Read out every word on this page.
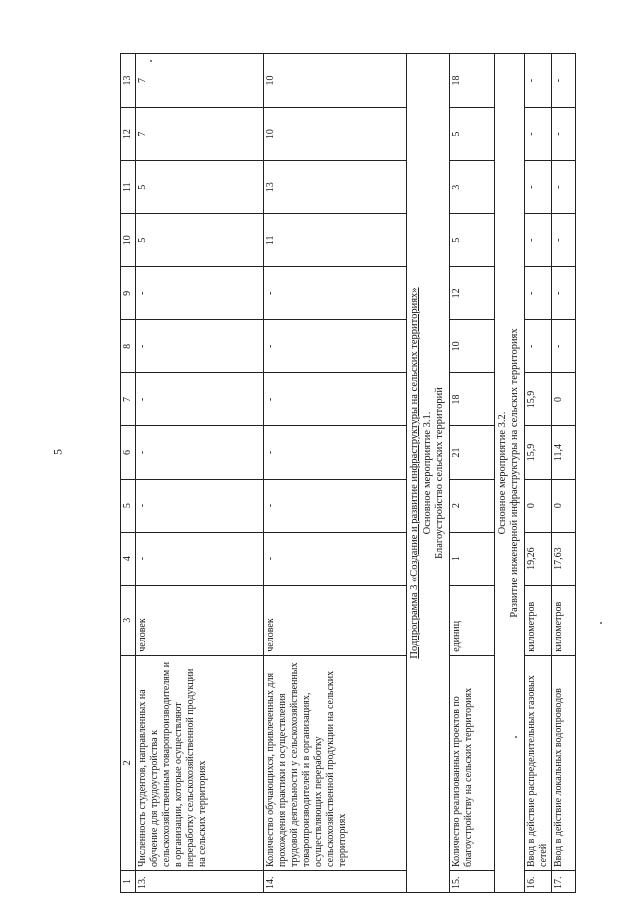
5
1	2	3	4	5	6	7	8	9	10	11	12	13
13.	Численность студентов, направленных на обучение для трудоустройства к сельскохозяйственным товаропроизводителям и в организации, которые осуществляют переработку сельскохозяйственной продукции на сельских территориях	человек	-	-	-	-	-	-	5	5	7	7
14.	Количество обучающихся, привлеченных для прохождения практики и осуществления трудовой деятельности у сельскохозяйственных товаропроизводителей и в организациях, осуществляющих переработку сельскохозяйственной продукции на сельских территориях	человек	-	-	-	-	-	-	11	13	10	10

Подпрограмма 3 «Создание и развитие инфраструктуры на сельских территориях» Основное мероприятие 3.1. Благоустройство сельских территорий												

15.	Количество реализованных проектов по благоустройству на сельских территориях	единиц	1	2	21	18	10	12	5	3	5	18

Основное мероприятие 3.2. Развитие инженерной инфраструктуры на сельских территориях												

16.	Ввод в действие распределительных газовых сетей	километров	19,26	0	15,9	15,9	-	-	-	-	-	-
17.	Ввод в действие локальных водопроводов	километров	17,63	0	11,4	0	-	-	-	-	-	-
